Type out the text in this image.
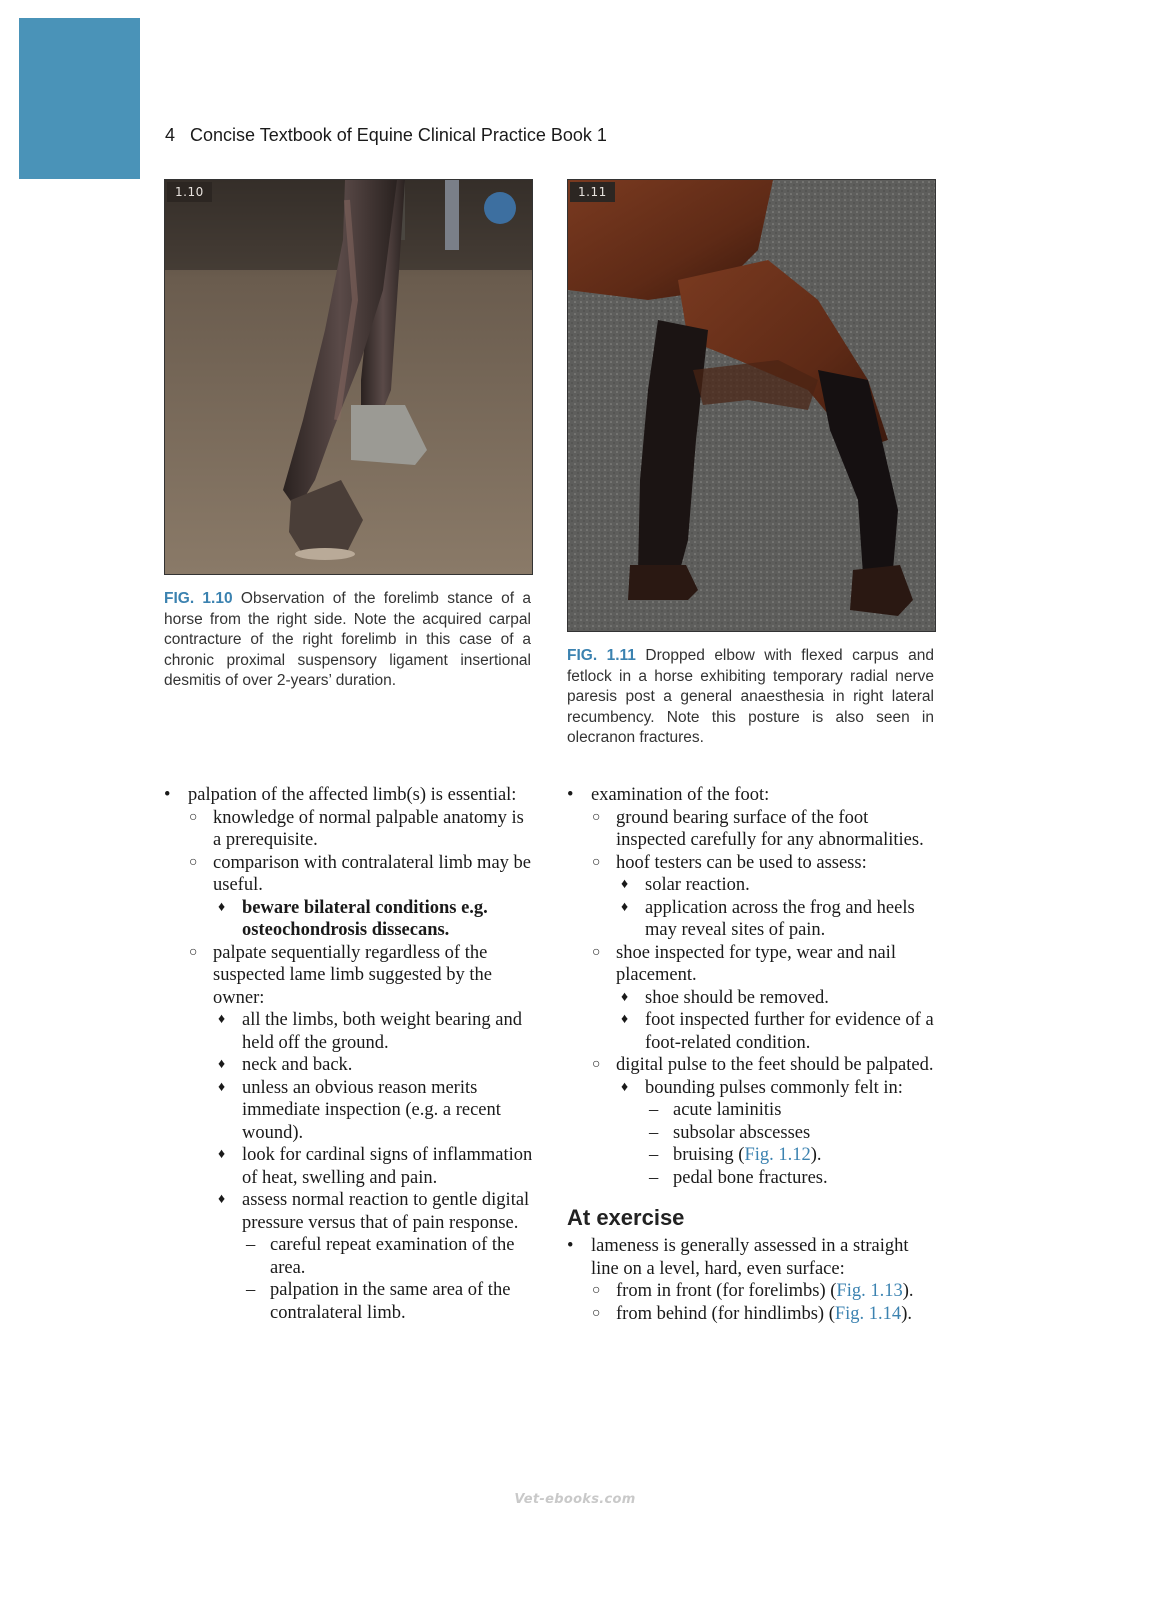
4 Concise Textbook of Equine Clinical Practice Book 1
1.10
FIG. 1.10 Observation of the forelimb stance of a horse from the right side. Note the acquired carpal contracture of the right forelimb in this case of a chronic proximal suspensory ligament insertional desmitis of over 2-years’ duration.
1.11
FIG. 1.11 Dropped elbow with flexed carpus and fetlock in a horse exhibiting temporary radial nerve paresis post a general anaesthesia in right lateral recumbency. Note this posture is also seen in olecranon fractures.
• palpation of the affected limb(s) is essential:
○ knowledge of normal palpable anatomy is a prerequisite.
○ comparison with contralateral limb may be useful.
♦ beware bilateral conditions e.g. osteochondrosis dissecans.
○ palpate sequentially regardless of the suspected lame limb suggested by the owner:
♦ all the limbs, both weight bearing and held off the ground.
♦ neck and back.
♦ unless an obvious reason merits immediate inspection (e.g. a recent wound).
♦ look for cardinal signs of inflammation of heat, swelling and pain.
♦ assess normal reaction to gentle digital pressure versus that of pain response.
– careful repeat examination of the area.
– palpation in the same area of the contralateral limb.
• examination of the foot:
○ ground bearing surface of the foot inspected carefully for any abnormalities.
○ hoof testers can be used to assess:
♦ solar reaction.
♦ application across the frog and heels may reveal sites of pain.
○ shoe inspected for type, wear and nail placement.
♦ shoe should be removed.
♦ foot inspected further for evidence of a foot-related condition.
○ digital pulse to the feet should be palpated.
♦ bounding pulses commonly felt in:
– acute laminitis
– subsolar abscesses
– bruising (Fig. 1.12).
– pedal bone fractures.
At exercise
• lameness is generally assessed in a straight line on a level, hard, even surface:
○ from in front (for forelimbs) (Fig. 1.13).
○ from behind (for hindlimbs) (Fig. 1.14).
Vet-ebooks.com
